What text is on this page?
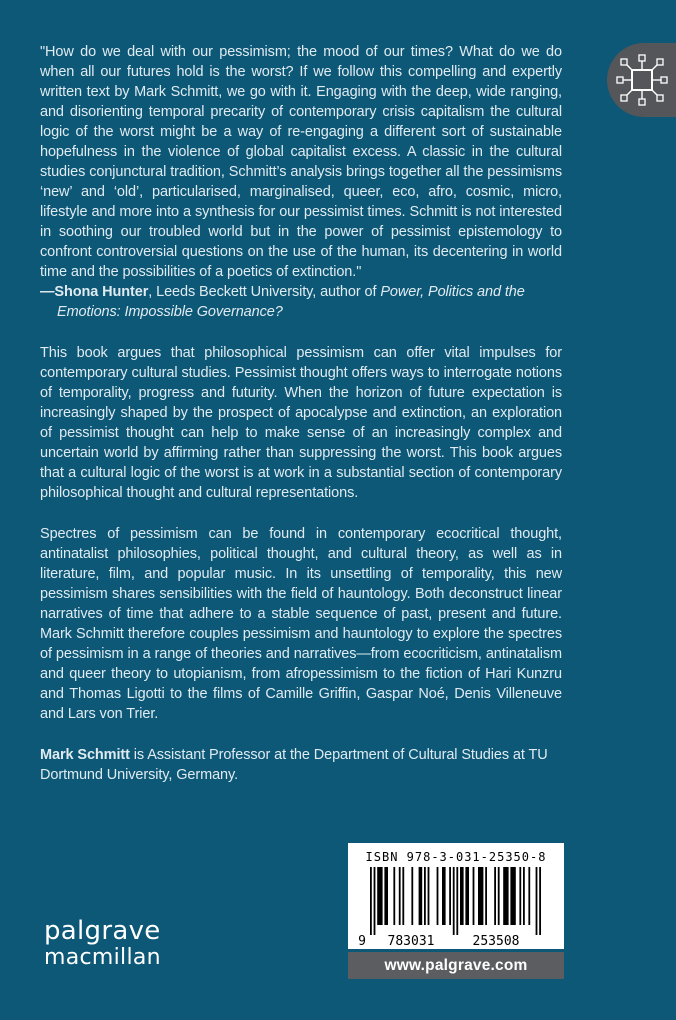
"How do we deal with our pessimism; the mood of our times? What do we do when all our futures hold is the worst? If we follow this compelling and expertly written text by Mark Schmitt, we go with it. Engaging with the deep, wide ranging, and disorienting temporal precarity of contemporary crisis capitalism the cultural logic of the worst might be a way of re-engaging a different sort of sustainable hopefulness in the violence of global capitalist excess. A classic in the cultural studies conjunctural tradition, Schmitt’s analysis brings together all the pessimisms ‘new’ and ‘old’, particularised, marginalised, queer, eco, afro, cosmic, micro, lifestyle and more into a synthesis for our pessimist times. Schmitt is not interested in soothing our troubled world but in the power of pessimist epistemology to confront controversial questions on the use of the human, its decentering in world time and the possibilities of a poetics of extinction."

—Shona Hunter, Leeds Beckett University, author of Power, Politics and the Emotions: Impossible Governance?

This book argues that philosophical pessimism can offer vital impulses for contemporary cultural studies. Pessimist thought offers ways to interrogate notions of temporality, progress and futurity. When the horizon of future expectation is increasingly shaped by the prospect of apocalypse and extinction, an exploration of pessimist thought can help to make sense of an increasingly complex and uncertain world by affirming rather than suppressing the worst. This book argues that a cultural logic of the worst is at work in a substantial section of contemporary philosophical thought and cultural representations.

Spectres of pessimism can be found in contemporary ecocritical thought, antinatalist philosophies, political thought, and cultural theory, as well as in literature, film, and popular music. In its unsettling of temporality, this new pessimism shares sensibilities with the field of hauntology. Both deconstruct linear narratives of time that adhere to a stable sequence of past, present and future. Mark Schmitt therefore couples pessimism and hauntology to explore the spectres of pessimism in a range of theories and narratives—from ecocriticism, antinatalism and queer theory to utopianism, from afropessimism to the fiction of Hari Kunzru and Thomas Ligotti to the films of Camille Griffin, Gaspar Noé, Denis Villeneuve and Lars von Trier.

Mark Schmitt is Assistant Professor at the Department of Cultural Studies at TU Dortmund University, Germany.

palgrave
macmillan
ISBN 978-3-031-25350-8
9 783031	253508
www.palgrave.com
